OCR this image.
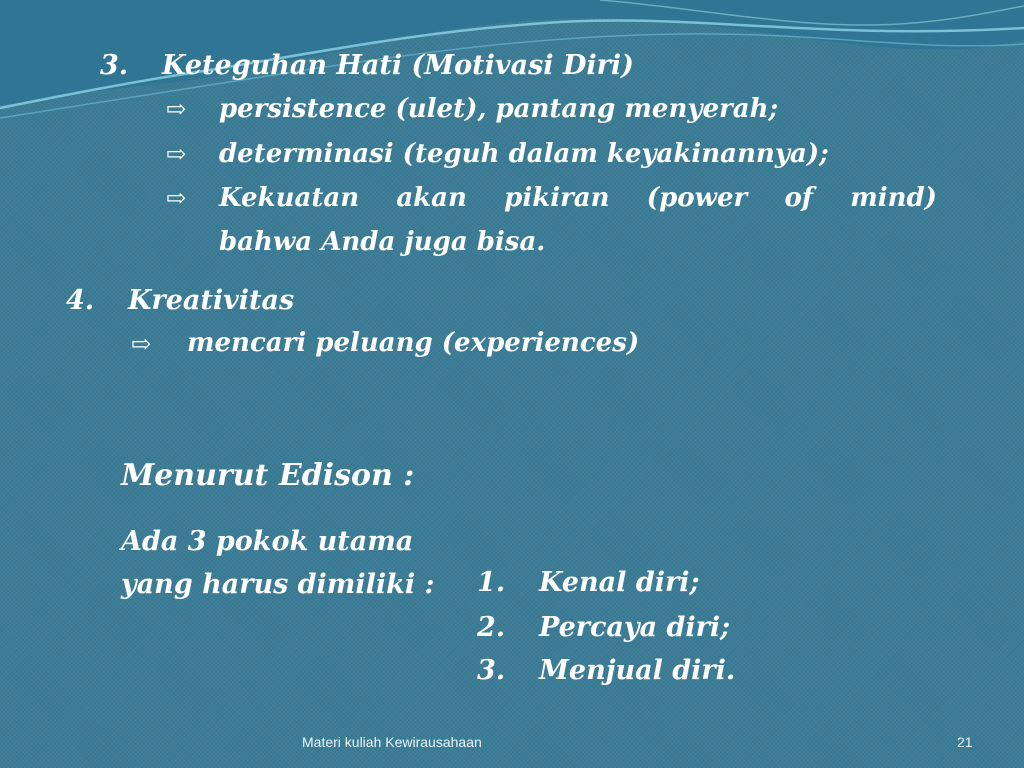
3. Keteguhan Hati (Motivasi Diri)
⇨ persistence (ulet), pantang menyerah;
⇨ determinasi (teguh dalam keyakinannya);
⇨ Kekuatan akan pikiran (power of mind)
bahwa Anda juga bisa.
4. Kreativitas
⇨ mencari peluang (experiences)
Menurut Edison :
Ada 3 pokok utama
yang harus dimiliki : 1. Kenal diri;
2. Percaya diri;
3. Menjual diri.
Materi kuliah Kewirausahaan	21
